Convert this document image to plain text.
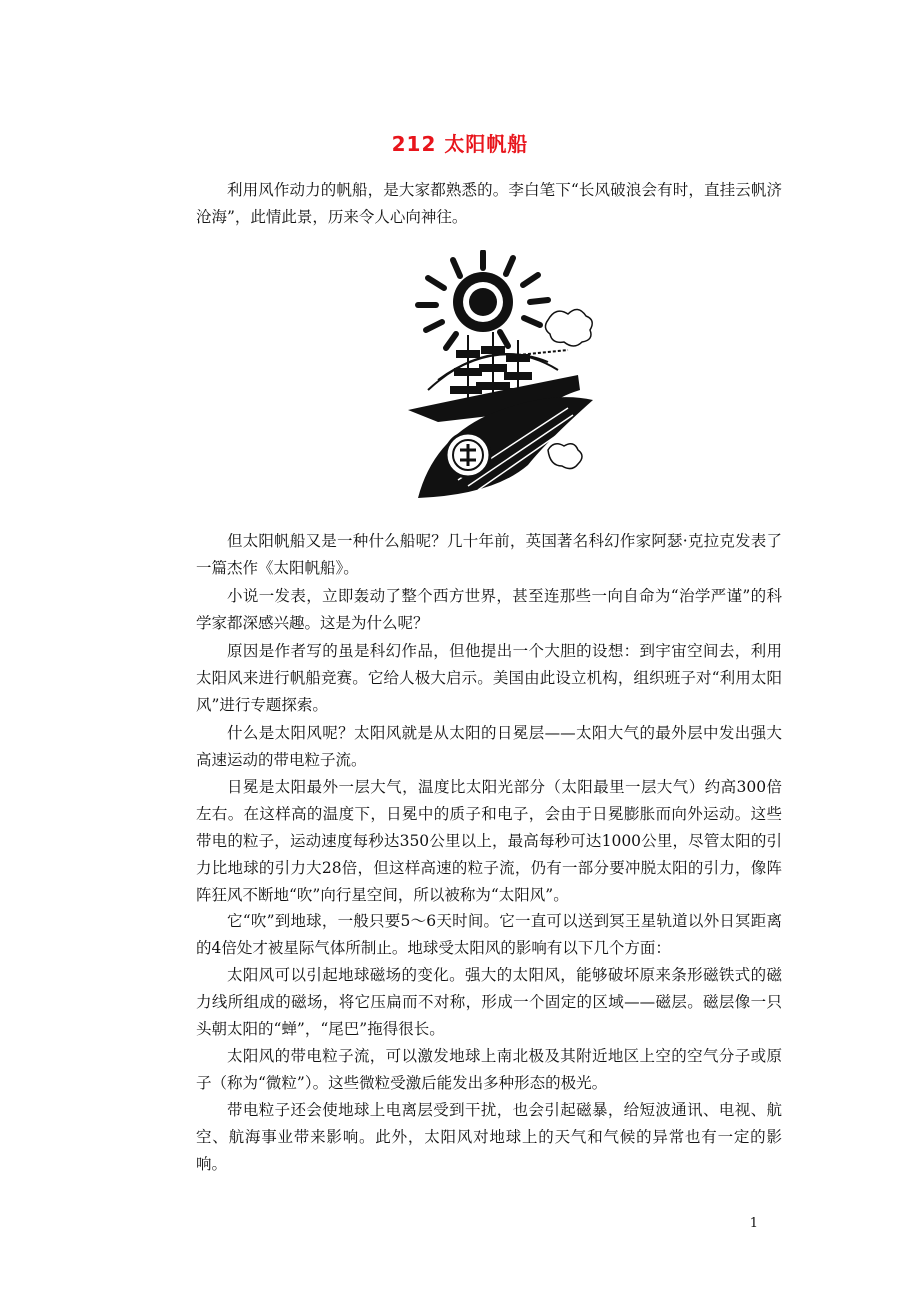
212 太阳帆船

利用风作动力的帆船，是大家都熟悉的。李白笔下“长风破浪会有时，直挂云帆济沧海”，此情此景，历来令人心向神往。

但太阳帆船又是一种什么船呢？几十年前，英国著名科幻作家阿瑟·克拉克发表了一篇杰作《太阳帆船》。

小说一发表，立即轰动了整个西方世界，甚至连那些一向自命为“治学严谨”的科学家都深感兴趣。这是为什么呢？

原因是作者写的虽是科幻作品，但他提出一个大胆的设想：到宇宙空间去，利用太阳风来进行帆船竞赛。它给人极大启示。美国由此设立机构，组织班子对“利用太阳风”进行专题探索。

什么是太阳风呢？太阳风就是从太阳的日冕层——太阳大气的最外层中发出强大高速运动的带电粒子流。

日冕是太阳最外一层大气，温度比太阳光部分（太阳最里一层大气）约高300倍左右。在这样高的温度下，日冕中的质子和电子，会由于日冕膨胀而向外运动。这些带电的粒子，运动速度每秒达350公里以上，最高每秒可达1000公里，尽管太阳的引力比地球的引力大28倍，但这样高速的粒子流，仍有一部分要冲脱太阳的引力，像阵阵狂风不断地“吹”向行星空间，所以被称为“太阳风”。

它“吹”到地球，一般只要5～6天时间。它一直可以送到冥王星轨道以外日冥距离的4倍处才被星际气体所制止。地球受太阳风的影响有以下几个方面：

太阳风可以引起地球磁场的变化。强大的太阳风，能够破坏原来条形磁铁式的磁力线所组成的磁场，将它压扁而不对称，形成一个固定的区域——磁层。磁层像一只头朝太阳的“蝉”，“尾巴”拖得很长。

太阳风的带电粒子流，可以激发地球上南北极及其附近地区上空的空气分子或原子（称为“微粒”）。这些微粒受激后能发出多种形态的极光。

带电粒子还会使地球上电离层受到干扰，也会引起磁暴，给短波通讯、电视、航空、航海事业带来影响。此外，太阳风对地球上的天气和气候的异常也有一定的影响。

1
